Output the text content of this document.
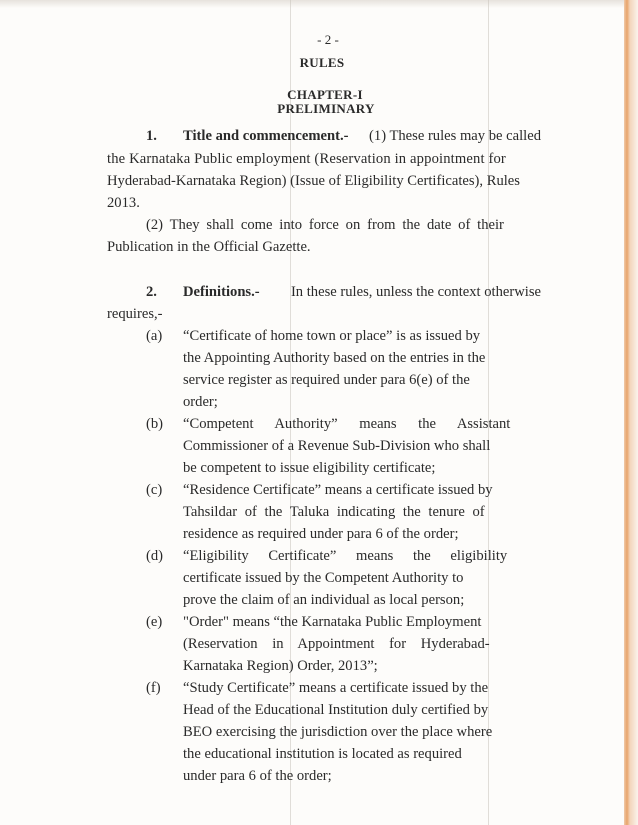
- 2 -
RULES
CHAPTER-I
PRELIMINARY
1. Title and commencement.- (1) These rules may be called
the Karnataka Public employment (Reservation in appointment for
Hyderabad-Karnataka Region) (Issue of Eligibility Certificates), Rules
2013.
(2) They shall come into force on from the date of their
Publication in the Official Gazette.
2. Definitions.- In these rules, unless the context otherwise
requires,-
(a) “Certificate of home town or place” is as issued by
the Appointing Authority based on the entries in the
service register as required under para 6(e) of the
order;
(b) “Competent Authority” means the Assistant
Commissioner of a Revenue Sub-Division who shall
be competent to issue eligibility certificate;
(c) “Residence Certificate” means a certificate issued by
Tahsildar of the Taluka indicating the tenure of
residence as required under para 6 of the order;
(d) “Eligibility Certificate” means the eligibility
certificate issued by the Competent Authority to
prove the claim of an individual as local person;
(e) "Order" means “the Karnataka Public Employment
(Reservation in Appointment for Hyderabad-
Karnataka Region) Order, 2013”;
(f) “Study Certificate” means a certificate issued by the
Head of the Educational Institution duly certified by
BEO exercising the jurisdiction over the place where
the educational institution is located as required
under para 6 of the order;
